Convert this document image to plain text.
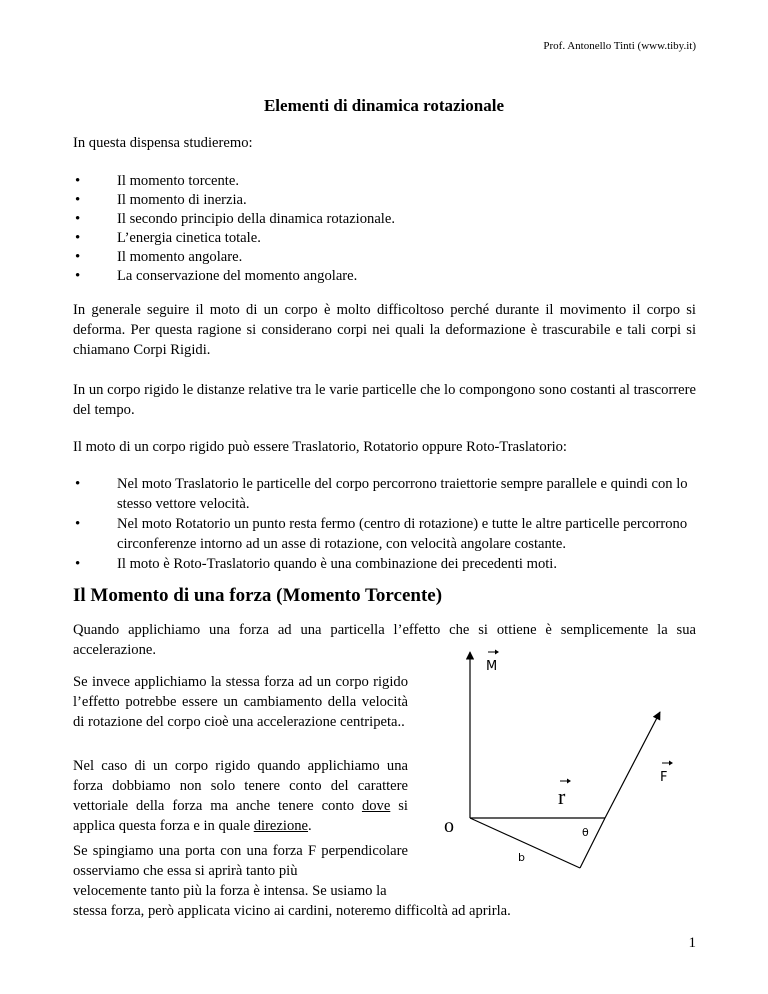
Prof. Antonello Tinti (www.tiby.it)
Elementi di dinamica rotazionale

In questa dispensa studieremo:

• Il momento torcente.
• Il momento di inerzia.
• Il secondo principio della dinamica rotazionale.
• L’energia cinetica totale.
• Il momento angolare.
• La conservazione del momento angolare.

In generale seguire il moto di un corpo è molto difficoltoso perché durante il movimento il corpo si deforma. Per questa ragione si considerano corpi nei quali la deformazione è trascurabile e tali corpi si chiamano Corpi Rigidi.

In un corpo rigido le distanze relative tra le varie particelle che lo compongono sono costanti al trascorrere del tempo.

Il moto di un corpo rigido può essere Traslatorio, Rotatorio oppure Roto-Traslatorio:

• Nel moto Traslatorio le particelle del corpo percorrono traiettorie sempre parallele e quindi con lo stesso vettore velocità.
• Nel moto Rotatorio un punto resta fermo (centro di rotazione) e tutte le altre particelle percorrono circonferenze intorno ad un asse di rotazione, con velocità angolare costante.
• Il moto è Roto-Traslatorio quando è una combinazione dei precedenti moti.
Il Momento di una forza (Momento Torcente)

Quando applichiamo una forza ad una particella l’effetto che si ottiene è semplicemente la sua accelerazione.

Se invece applichiamo la stessa forza ad un corpo rigido l’effetto potrebbe essere un cambiamento della velocità di rotazione del corpo cioè una accelerazione centripeta..

Nel caso di un corpo rigido quando applichiamo una forza dobbiamo non solo tenere conto del carattere vettoriale della forza ma anche tenere conto dove si applica questa forza e in quale direzione.

Se spingiamo una porta con una forza F perpendicolare osserviamo che essa si aprirà tanto più

velocemente tanto più la forza è intensa. Se usiamo la

stessa forza, però applicata vicino ai cardini, noteremo difficoltà ad aprirla.

M
r
F
o	θ
b
1
